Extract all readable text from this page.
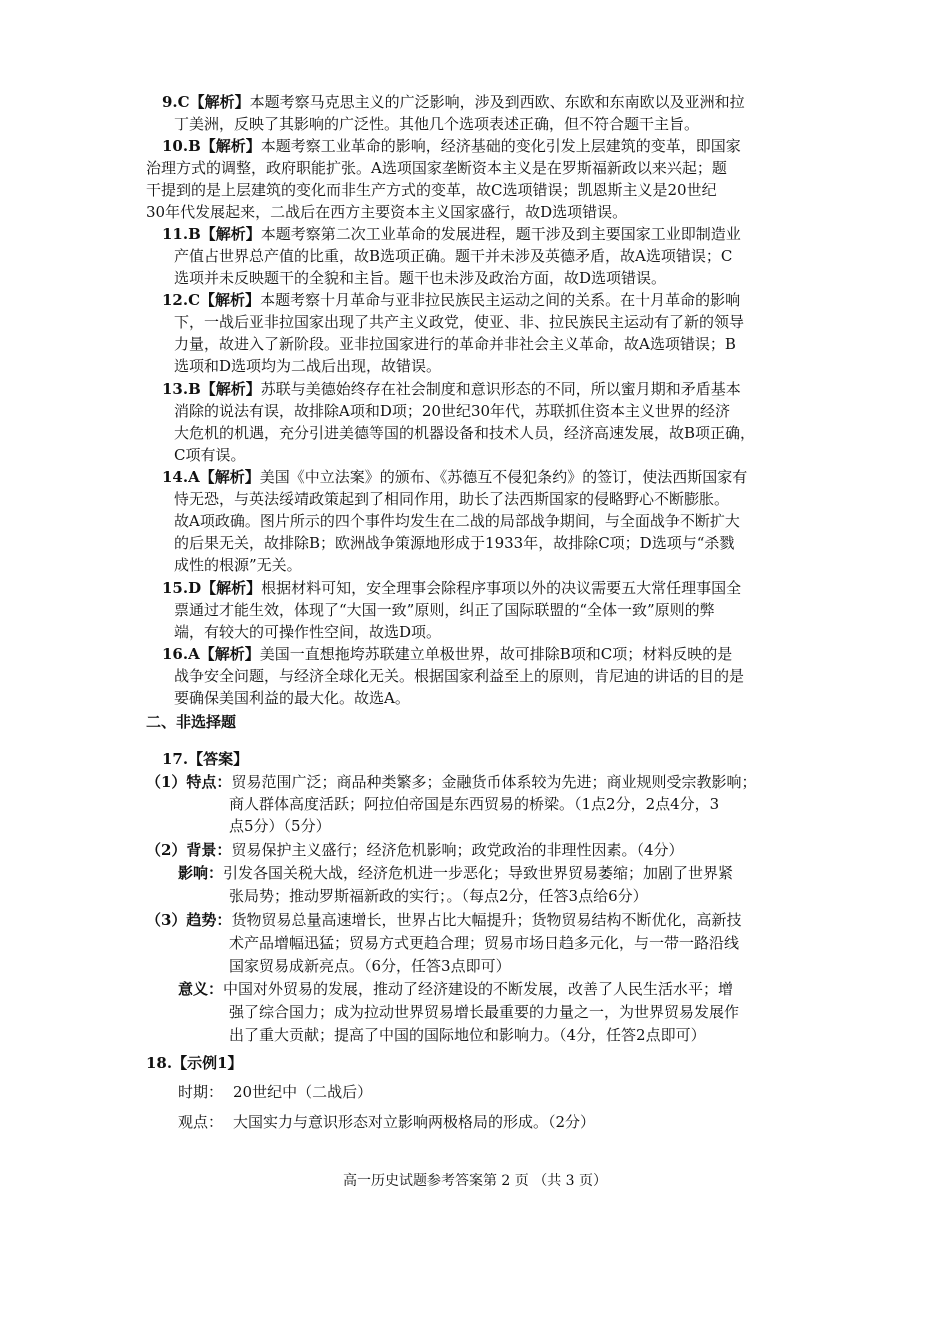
9.C【解析】本题考察马克思主义的广泛影响，涉及到西欧、东欧和东南欧以及亚洲和拉
丁美洲，反映了其影响的广泛性。其他几个选项表述正确，但不符合题干主旨。
10.B【解析】本题考察工业革命的影响，经济基础的变化引发上层建筑的变革，即国家
治理方式的调整，政府职能扩张。A选项国家垄断资本主义是在罗斯福新政以来兴起；题
干提到的是上层建筑的变化而非生产方式的变革，故C选项错误；凯恩斯主义是20世纪
30年代发展起来，二战后在西方主要资本主义国家盛行，故D选项错误。
11.B【解析】本题考察第二次工业革命的发展进程，题干涉及到主要国家工业即制造业
产值占世界总产值的比重，故B选项正确。题干并未涉及英德矛盾，故A选项错误；C
选项并未反映题干的全貌和主旨。题干也未涉及政治方面，故D选项错误。
12.C【解析】本题考察十月革命与亚非拉民族民主运动之间的关系。在十月革命的影响
下，一战后亚非拉国家出现了共产主义政党，使亚、非、拉民族民主运动有了新的领导
力量，故进入了新阶段。亚非拉国家进行的革命并非社会主义革命，故A选项错误；B
选项和D选项均为二战后出现，故错误。
13.B【解析】苏联与美德始终存在社会制度和意识形态的不同，所以蜜月期和矛盾基本
消除的说法有误，故排除A项和D项；20世纪30年代，苏联抓住资本主义世界的经济
大危机的机遇，充分引进美德等国的机器设备和技术人员，经济高速发展，故B项正确，
C项有误。
14.A【解析】美国《中立法案》的颁布、《苏德互不侵犯条约》的签订，使法西斯国家有
恃无恐，与英法绥靖政策起到了相同作用，助长了法西斯国家的侵略野心不断膨胀。
故A项政确。图片所示的四个事件均发生在二战的局部战争期间，与全面战争不断扩大
的后果无关，故排除B；欧洲战争策源地形成于1933年，故排除C项；D选项与“杀戮
成性的根源”无关。
15.D【解析】根据材料可知，安全理事会除程序事项以外的决议需要五大常任理事国全
票通过才能生效，体现了“大国一致”原则，纠正了国际联盟的“全体一致”原则的弊
端，有较大的可操作性空间，故选D项。
16.A【解析】美国一直想拖垮苏联建立单极世界，故可排除B项和C项；材料反映的是
战争安全问题，与经济全球化无关。根据国家利益至上的原则，肯尼迪的讲话的目的是
要确保美国利益的最大化。故选A。
二、非选择题
17.【答案】
（1）特点：贸易范围广泛；商品种类繁多；金融货币体系较为先进；商业规则受宗教影响；
商人群体高度活跃；阿拉伯帝国是东西贸易的桥梁。（1点2分，2点4分，3
点5分）（5分）
（2）背景：贸易保护主义盛行；经济危机影响；政党政治的非理性因素。（4分）
影响：引发各国关税大战，经济危机进一步恶化；导致世界贸易萎缩；加剧了世界紧
张局势；推动罗斯福新政的实行；。（每点2分，任答3点给6分）
（3）趋势：货物贸易总量高速增长，世界占比大幅提升；货物贸易结构不断优化，高新技
术产品增幅迅猛；贸易方式更趋合理；贸易市场日趋多元化，与一带一路沿线
国家贸易成新亮点。（6分，任答3点即可）
意义：中国对外贸易的发展，推动了经济建设的不断发展，改善了人民生活水平；增
强了综合国力；成为拉动世界贸易增长最重要的力量之一，为世界贸易发展作
出了重大贡献；提高了中国的国际地位和影响力。（4分，任答2点即可）
18.【示例1】
时期： 20世纪中（二战后）
观点： 大国实力与意识形态对立影响两极格局的形成。（2分）
高一历史试题参考答案第 2 页 （共 3 页）
